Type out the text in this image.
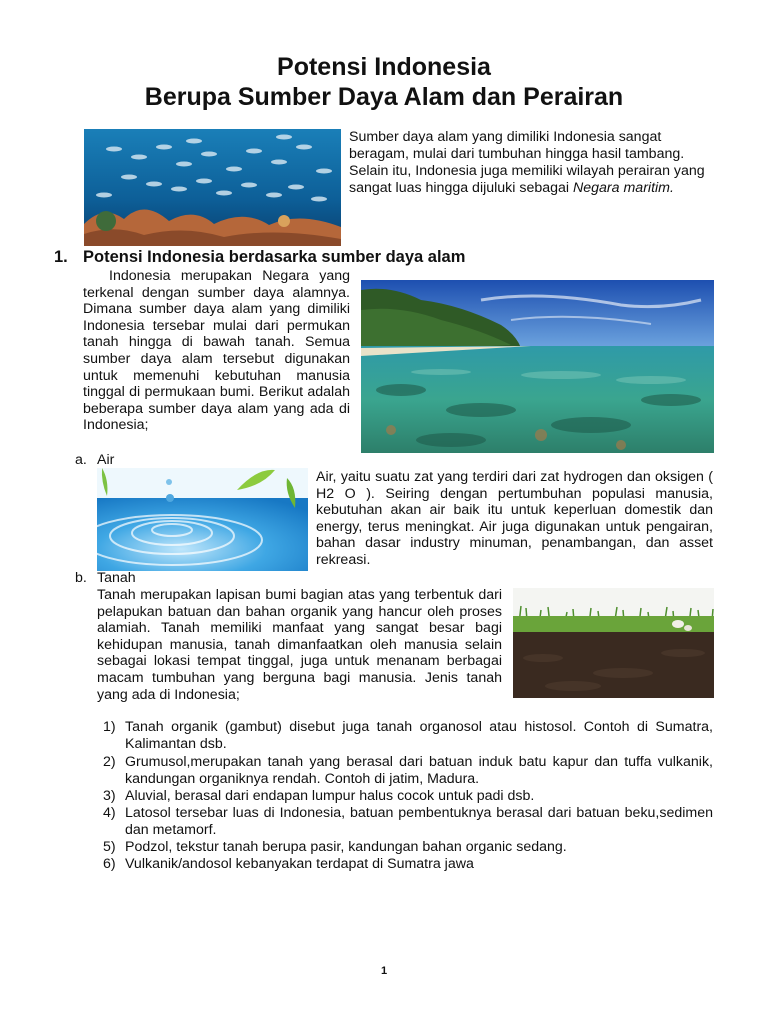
Potensi Indonesia
Berupa Sumber Daya Alam dan Perairan
Sumber daya alam yang dimiliki Indonesia sangat beragam, mulai dari tumbuhan hingga hasil tambang. Selain itu, Indonesia juga memiliki wilayah perairan yang sangat luas hingga dijuluki sebagai Negara maritim.
1. Potensi Indonesia berdasarka sumber daya alam
Indonesia merupakan Negara yang terkenal dengan sumber daya alamnya. Dimana sumber daya alam yang dimiliki Indonesia tersebar mulai dari permukan tanah hingga di bawah tanah. Semua sumber daya alam tersebut digunakan untuk memenuhi kebutuhan manusia tinggal di permukaan bumi. Berikut adalah beberapa sumber daya alam yang ada di Indonesia;
a. Air
Air, yaitu suatu zat yang terdiri dari zat hydrogen dan oksigen ( H2 O ). Seiring dengan pertumbuhan populasi manusia, kebutuhan akan air baik itu untuk keperluan domestik dan energy, terus meningkat. Air juga digunakan untuk pengairan, bahan dasar industry minuman, penambangan, dan asset rekreasi.
b. Tanah
Tanah merupakan lapisan bumi bagian atas yang terbentuk dari pelapukan batuan dan bahan organik yang hancur oleh proses alamiah. Tanah memiliki manfaat yang sangat besar bagi kehidupan manusia, tanah dimanfaatkan oleh manusia selain sebagai lokasi tempat tinggal, juga untuk menanam berbagai macam tumbuhan yang berguna bagi manusia. Jenis tanah yang ada di Indonesia;
1) Tanah organik (gambut) disebut juga tanah organosol atau histosol. Contoh di Sumatra, Kalimantan dsb.
2) Grumusol,merupakan tanah yang berasal dari batuan induk batu kapur dan tuffa vulkanik, kandungan organiknya rendah. Contoh di jatim, Madura.
3) Aluvial, berasal dari endapan lumpur halus cocok untuk padi dsb.
4) Latosol tersebar luas di Indonesia, batuan pembentuknya berasal dari batuan beku,sedimen dan metamorf.
5) Podzol, tekstur tanah berupa pasir, kandungan bahan organic sedang.
6) Vulkanik/andosol kebanyakan terdapat di Sumatra jawa
1
